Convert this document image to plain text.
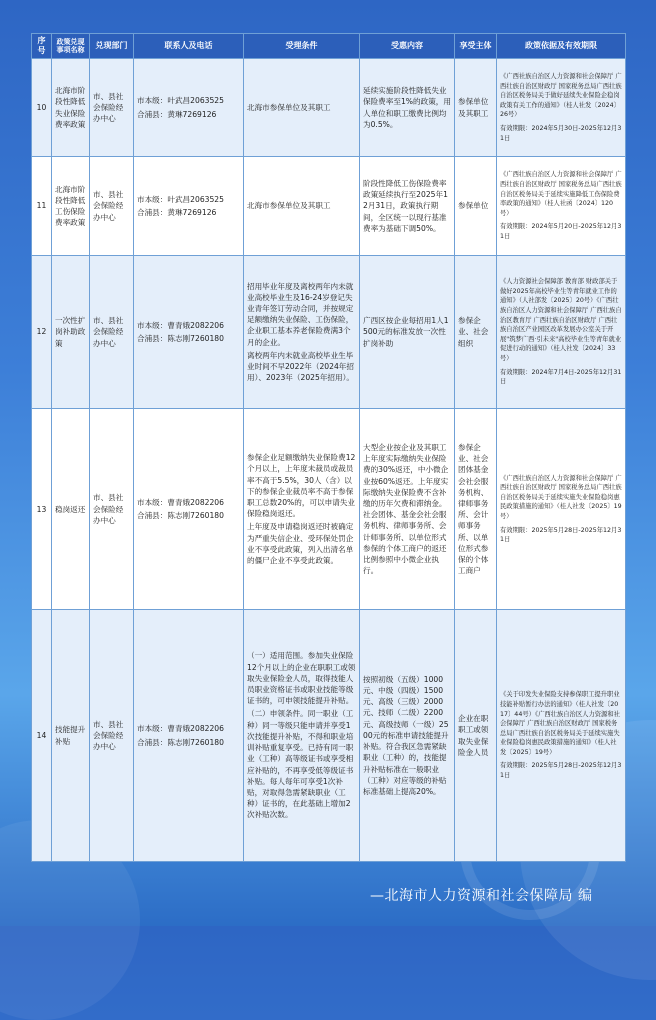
序号	政策兑现事项名称	兑现部门	联系人及电话	受理条件	受惠内容	享受主体	政策依据及有效期限

10	北海市阶段性降低失业保险费率政策	市、县社会保险经办中心	市本级：叶武昌2063525
合浦县：黄琳7269126	北海市参保单位及其职工	延续实施阶段性降低失业保险费率至1%的政策，用人单位和职工缴费比例均为0.5%。	参保单位及其职工	《广西社族自治区人力资源和社会保障厅 广西壮族自治区财政厅 国家税务总局广西壮族自治区税务局关于做好延续失业保险企稳岗政策有关工作的通知》（桂人社发〔2024〕26号）
有效期限：2024年5月30日-2025年12月31日

11	北海市阶段性降低工伤保险费率政策	市、县社会保险经办中心	市本级：叶武昌2063525
合浦县：黄琳7269126	北海市参保单位及其职工	阶段性降低工伤保险费率政策延续执行至2025年12月31日，政策执行期间，全区统一以现行基准费率为基础下调50%。	参保单位	《广西壮族自治区人力资源和社会保障厅 广西壮族自治区财政厅 国家税务总局广西壮族自治区税务局关于延续实施降低工伤保险费率政策的通知》（桂人社函〔2024〕120号）
有效期限：2024年5月20日-2025年12月31日

12	一次性扩岗补助政策	市、县社会保险经办中心	市本级：曹青娥2082206
合浦县：陈志刚7260180	招用毕业年度及离校两年内未就业高校毕业生及16-24岁登记失业青年签订劳动合同，并按规定足额缴纳失业保险、工伤保险，企业职工基本养老保险费满3个月的企业。
离校两年内未就业高校毕业生毕业时间不早2022年（2024年招用）、2023年（2025年招用）。	广西区按企业每招用1人1500元的标准发放一次性扩岗补助	参保企业、社会组织	《人力资源社会保障部 教育部 财政部关于做好2025年高校毕业生等青年就业工作的通知》（人社部发〔2025〕20号）《广西壮族自治区人力资源和社会保障厅 广西壮族自治区教育厅 广西壮族自治区财政厅 广西壮族自治区产业园区改革发展办公室关于开展"筑梦广西·引未来"高校毕业生等青年就业促进行动的通知》（桂人社发〔2024〕33号）
有效期限：2024年7月4日-2025年12月31日

13	稳岗返还	市、县社会保险经办中心	市本级：曹青娥2082206
合浦县：陈志刚7260180	参保企业足额缴纳失业保险费12个月以上，上年度未裁员或裁员率不高于5.5%，30人（含）以下的参保企业裁员率不高于参保职工总数20%的，可以申请失业保险稳岗返还。
上年度及申请稳岗返还时被确定为严重失信企业、受环保处罚企业不享受此政策，列入出清名单的僵尸企业不享受此政策。	大型企业按企业及其职工上年度实际缴纳失业保险费的30%返还，中小微企业按60%返还。上年度实际缴纳失业保险费不含补缴的历年欠费和滞纳金。社会团体、基金会社会服务机构、律师事务所、会计师事务所、以单位形式参保的个体工商户的返还比例参照中小微企业执行。	参保企业、社会团体基金会社会服务机构、律师事务所、会计师事务所、以单位形式参保的个体工商户	《广西壮族自治区人力资源和社会保障厅 广西壮族自治区财政厅 国家税务总局广西壮族自治区税务局关于延续实施失业保险稳岗惠民政策措施的通知》（桂人社发〔2025〕19号）
有效期限：2025年5月28日-2025年12月31日

14	技能提升补贴	市、县社会保险经办中心	市本级：曹青娥2082206
合浦县：陈志刚7260180	（一）适用范围。参加失业保险12个月以上的企业在职职工或领取失业保险金人员，取得技能人员职业资格证书或职业技能等级证书的，可申领技能提升补贴。
（二）申领条件。同一职业（工种）同一等级只能申请并享受1次技能提升补贴，不得和职业培训补贴重复享受。已持有同一职业（工种）高等级证书或享受相应补贴的，不再享受低等级证书补贴。每人每年可享受1次补贴，对取得急需紧缺职业（工种）证书的，在此基础上增加2次补贴次数。	按照初级（五级）1000元、中级（四级）1500元、高级（三级）2000元、技师（二级）2200元、高级技师（一级）2500元的标准申请技能提升补贴。符合我区急需紧缺职业（工种）的，技能提升补贴标准在一般职业（工种）对应等级的补贴标准基础上提高20%。	企业在职职工或领取失业保险金人员	《关于印发失业保险支持参保职工提升职业技能补贴暂行办法的通知》（桂人社发〔2017〕44号）《广西壮族自治区人力资源和社会保障厅 广西壮族自治区财政厅 国家税务总局广西壮族自治区税务局关于延续实施失业保险稳岗惠民政策措施的通知》（桂人社发〔2025〕19号）
有效期限：2025年5月28日-2025年12月31日
—北海市人力资源和社会保障局 编
